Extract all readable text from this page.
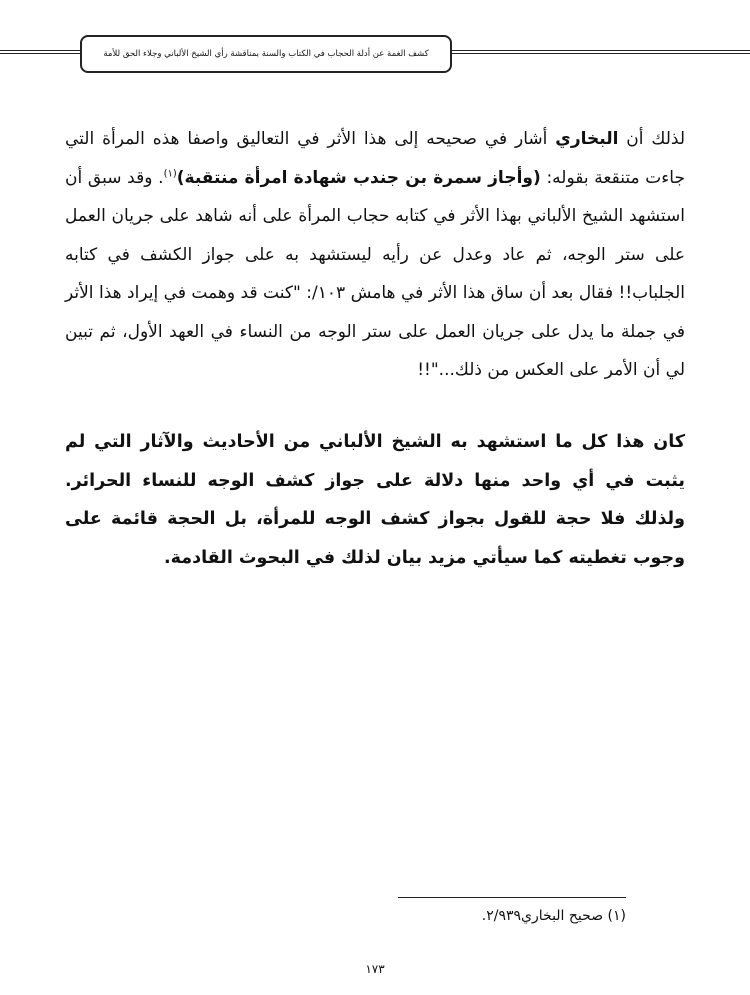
كشف الغمة عن أدلة الحجاب في الكتاب والسنة بمناقشة رأي الشيخ الألباني وجلاء الحق للأمة
لذلك أن البخاري أشار في صحيحه إلى هذا الأثر في التعاليق واصفا هذه المرأة التي جاءت متنقعة بقوله: (وأجاز سمرة بن جندب شهادة امرأة منتقبة)$^{(١)}$. وقد سبق أن استشهد الشيخ الألباني بهذا الأثر في كتابه حجاب المرأة على أنه شاهد على جريان العمل على ستر الوجه، ثم عاد وعدل عن رأيه ليستشهد به على جواز الكشف في كتابه الجلباب!! فقال بعد أن ساق هذا الأثر في هامش ١٠٣/: "كنت قد وهمت في إيراد هذا الأثر في جملة ما يدل على جريان العمل على ستر الوجه من النساء في العهد الأول، ثم تبين لي أن الأمر على العكس من ذلك..."!!
كان هذا كل ما استشهد به الشيخ الألباني من الأحاديث والآثار التي لم يثبت في أي واحد منها دلالة على جواز كشف الوجه للنساء الحرائر. ولذلك فلا حجة للقول بجواز كشف الوجه للمرأة، بل الحجة قائمة على وجوب تغطيته كما سيأتي مزيد بيان لذلك في البحوث القادمة.
(١) صحيح البخاري٢/٩٣٩.
١٧٣
